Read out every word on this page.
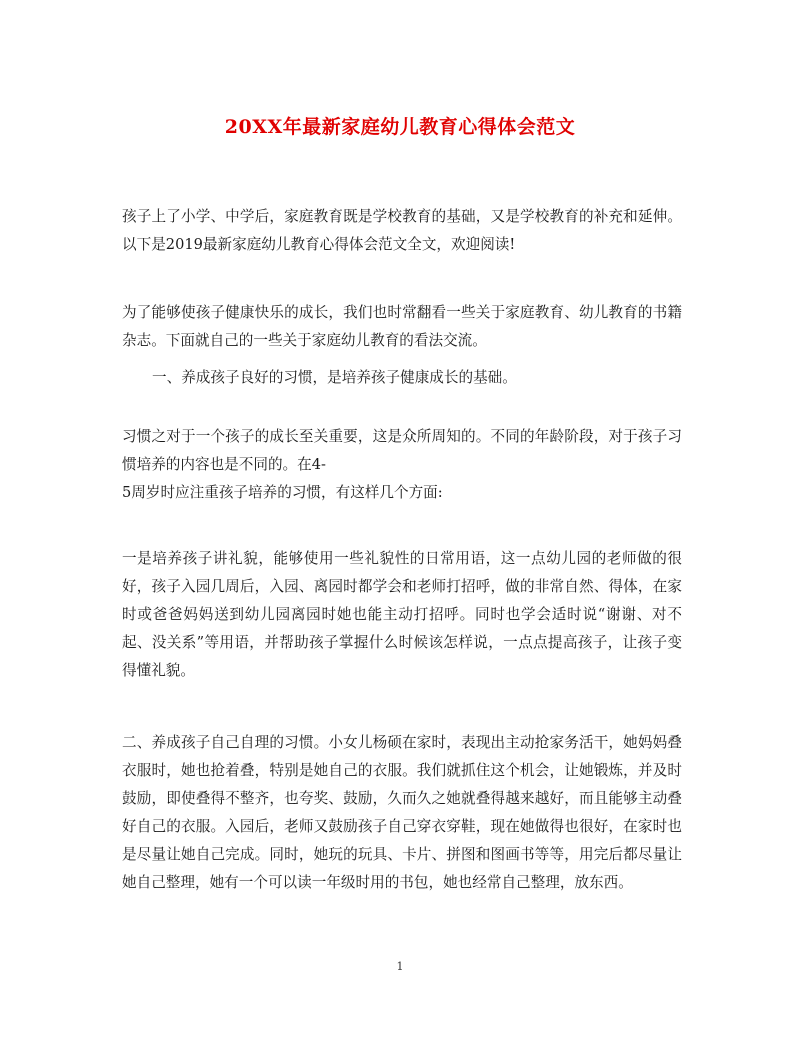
20XX年最新家庭幼儿教育心得体会范文

孩子上了小学、中学后，家庭教育既是学校教育的基础，又是学校教育的补充和延伸。以下是2019最新家庭幼儿教育心得体会范文全文，欢迎阅读!

为了能够使孩子健康快乐的成长，我们也时常翻看一些关于家庭教育、幼儿教育的书籍杂志。下面就自己的一些关于家庭幼儿教育的看法交流。

一、养成孩子良好的习惯，是培养孩子健康成长的基础。

习惯之对于一个孩子的成长至关重要，这是众所周知的。不同的年龄阶段，对于孩子习惯培养的内容也是不同的。在4-

5周岁时应注重孩子培养的习惯，有这样几个方面:

一是培养孩子讲礼貌，能够使用一些礼貌性的日常用语，这一点幼儿园的老师做的很好，孩子入园几周后，入园、离园时都学会和老师打招呼，做的非常自然、得体，在家时或爸爸妈妈送到幼儿园离园时她也能主动打招呼。同时也学会适时说“谢谢、对不起、没关系”等用语，并帮助孩子掌握什么时候该怎样说，一点点提高孩子，让孩子变得懂礼貌。

二、养成孩子自己自理的习惯。小女儿杨硕在家时，表现出主动抢家务活干，她妈妈叠衣服时，她也抢着叠，特别是她自己的衣服。我们就抓住这个机会，让她锻炼，并及时鼓励，即使叠得不整齐，也夸奖、鼓励，久而久之她就叠得越来越好，而且能够主动叠好自己的衣服。入园后，老师又鼓励孩子自己穿衣穿鞋，现在她做得也很好，在家时也是尽量让她自己完成。同时，她玩的玩具、卡片、拼图和图画书等等，用完后都尽量让她自己整理，她有一个可以读一年级时用的书包，她也经常自己整理，放东西。

1
